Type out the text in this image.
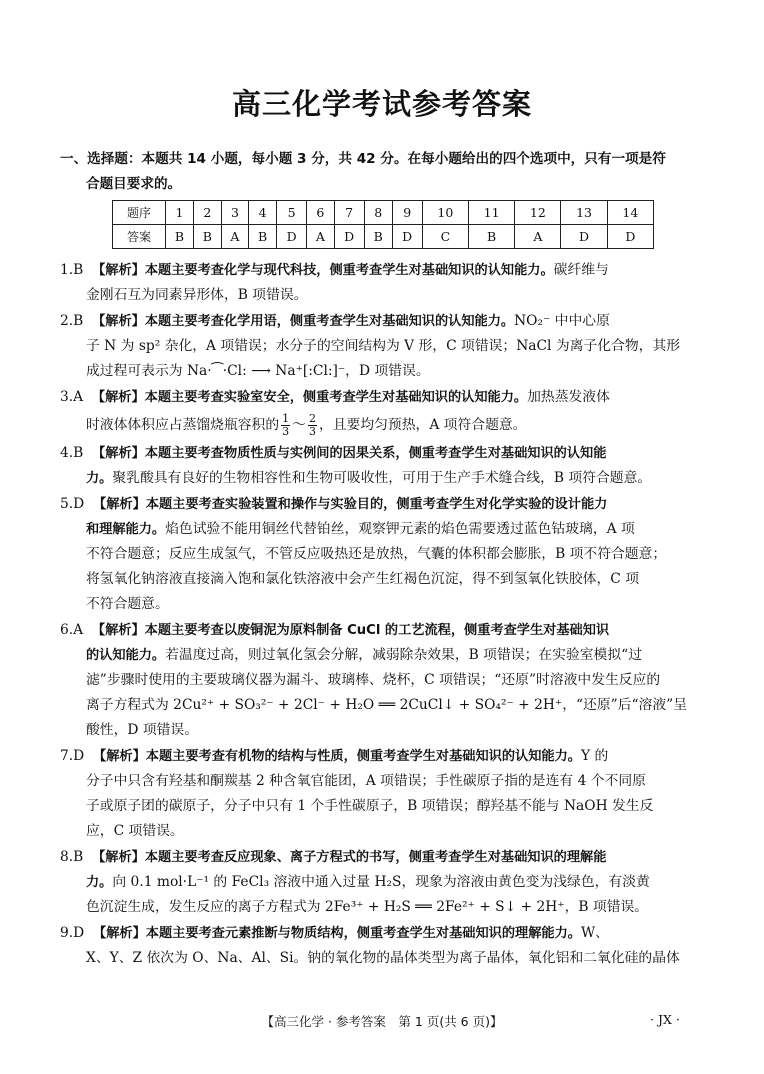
高三化学考试参考答案
一、选择题：本题共 14 小题，每小题 3 分，共 42 分。在每小题给出的四个选项中，只有一项是符
合题目要求的。
题序	1	2	3	4	5	6	7	8	9	10	11	12	13	14
答案	B	B	A	B	D	A	D	B	D	C	B	A	D	D
1.B 【解析】本题主要考查化学与现代科技，侧重考查学生对基础知识的认知能力。碳纤维与
金刚石互为同素异形体，B 项错误。
2.B 【解析】本题主要考查化学用语，侧重考查学生对基础知识的认知能力。NO₂⁻ 中中心原
子 N 为 sp² 杂化，A 项错误；水分子的空间结构为 V 形，C 项错误；NaCl 为离子化合物，其形
成过程可表示为 Na·⁀·Cl: ⟶ Na⁺[:Cl:]⁻，D 项错误。
3.A 【解析】本题主要考查实验室安全，侧重考查学生对基础知识的认知能力。加热蒸发液体
时液体体积应占蒸馏烧瓶容积的 $\frac{1}{3}$ ～ $\frac{2}{3}$ ，且要均匀预热，A 项符合题意。
4.B 【解析】本题主要考查物质性质与实例间的因果关系，侧重考查学生对基础知识的认知能
力。聚乳酸具有良好的生物相容性和生物可吸收性，可用于生产手术缝合线，B 项符合题意。
5.D 【解析】本题主要考查实验装置和操作与实验目的，侧重考查学生对化学实验的设计能力
和理解能力。焰色试验不能用铜丝代替铂丝，观察钾元素的焰色需要透过蓝色钴玻璃，A 项
不符合题意；反应生成氢气，不管反应吸热还是放热，气囊的体积都会膨胀，B 项不符合题意；
将氢氧化钠溶液直接滴入饱和氯化铁溶液中会产生红褐色沉淀，得不到氢氧化铁胶体，C 项
不符合题意。
6.A 【解析】本题主要考查以废铜泥为原料制备 CuCl 的工艺流程，侧重考查学生对基础知识
的认知能力。若温度过高，则过氧化氢会分解，减弱除杂效果，B 项错误；在实验室模拟“过
滤”步骤时使用的主要玻璃仪器为漏斗、玻璃棒、烧杯，C 项错误；“还原”时溶液中发生反应的
离子方程式为 2Cu²⁺ + SO₃²⁻ + 2Cl⁻ + H₂O ══ 2CuCl↓ + SO₄²⁻ + 2H⁺，“还原”后“溶液”呈
酸性，D 项错误。
7.D 【解析】本题主要考查有机物的结构与性质，侧重考查学生对基础知识的认知能力。Y 的
分子中只含有羟基和酮羰基 2 种含氧官能团，A 项错误；手性碳原子指的是连有 4 个不同原
子或原子团的碳原子，分子中只有 1 个手性碳原子，B 项错误；醇羟基不能与 NaOH 发生反
应，C 项错误。
8.B 【解析】本题主要考查反应现象、离子方程式的书写，侧重考查学生对基础知识的理解能
力。向 0.1 mol·L⁻¹ 的 FeCl₃ 溶液中通入过量 H₂S，现象为溶液由黄色变为浅绿色，有淡黄
色沉淀生成，发生反应的离子方程式为 2Fe³⁺ + H₂S ══ 2Fe²⁺ + S↓ + 2H⁺，B 项错误。
9.D 【解析】本题主要考查元素推断与物质结构，侧重考查学生对基础知识的理解能力。W、
X、Y、Z 依次为 O、Na、Al、Si。钠的氧化物的晶体类型为离子晶体，氧化铝和二氧化硅的晶体
【高三化学 · 参考答案　第 1 页(共 6 页)】	· JX ·
